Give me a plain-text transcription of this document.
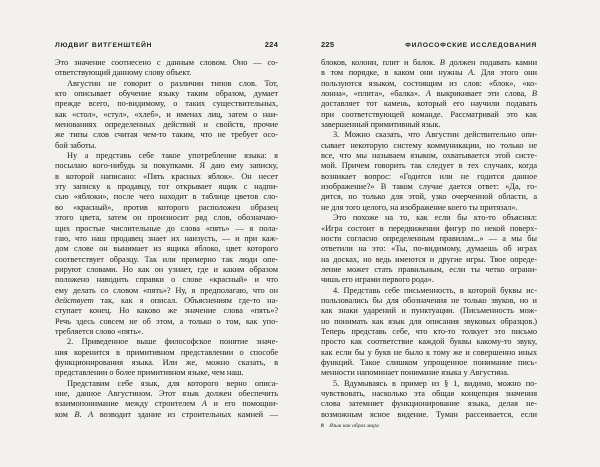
ЛЮДВИГ ВИТГЕНШТЕЙН	224
Это значение соотнесено с данным словом. Оно — со-
ответствующий данному слову объект.
Августин не говорит о различии типов слов. Тот,
кто описывает обучение языку таким образом, думает
прежде всего, по-видимому, о таких существительных,
как «стол», «стул», «хлеб», и именах лиц, затем о наи-
менованиях определенных действий и свойств, прочие
же типы слов считая чем-то таким, что не требует осо-
бой заботы.
Ну а представь себе такое употребление языка: я
посылаю кого-нибудь за покупками. Я даю ему записку,
в которой написано: «Пять красных яблок». Он несет
эту записку к продавцу, тот открывает ящик с надпи-
сью «яблоки», после чего находит в таблице цветов сло-
во «красный», против которого расположен образец
этого цвета, затем он произносит ряд слов, обозначаю-
щих простые числительные до слова «пять» — я пола-
гаю, что наш продавец знает их наизусть, — и при каж-
дом слове он вынимает из ящика яблоко, цвет которого
соответствует образцу. Так или примерно так люди опе-
рируют словами. Но как он узнает, где и каким образом
положено наводить справки о слове «красный» и что
ему делать со словом «пять»? Ну, я предполагаю, что он
действует так, как я описал. Объяснениям где-то на-
ступает конец. Но каково же значение слова «пять»?
Речь здесь совсем не об этом, а только о том, как упо-
требляется слово «пять».
2. Приведенное выше философское понятие значе-
ния коренится в примитивном представлении о способе
функционирования языка. Или же, можно сказать, в
представлении о более примитивном языке, чем наш.
Представим себе язык, для которого верно описа-
ние, данное Августином. Этот язык должен обеспечить
взаимопонимание между строителем А и его помощни-
ком В. А возводит здание из строительных камней —
225	ФИЛОСОФСКИЕ ИССЛЕДОВАНИЯ
блоков, колонн, плит и балок. В должен подавать камни
в том порядке, в каком они нужны А. Для этого они
пользуются языком, состоящим из слов: «блок», «ко-
лонна», «плита», «балка». А выкрикивает эти слова, В
доставляет тот камень, который его научили подавать
при соответствующей команде. Рассматривай это как
завершенный примитивный язык.
3. Можно сказать, что Августин действительно опи-
сывает некоторую систему коммуникации, но только не
все, что мы называем языком, охватывается этой систе-
мой. Причем говорить так следует в тех случаях, когда
возникает вопрос: «Годится или не годится данное
изображение?» В таком случае дается ответ: «Да, го-
дится, но только для этой, узко очерченной области, а
не для того целого, на изображение коего ты притязал».
Это похоже на то, как если бы кто-то объяснял:
«Игра состоит в передвижении фигур по некой поверх-
ности согласно определенным правилам...» — а мы бы
ответили на это: «Ты, по-видимому, думаешь об играх
на досках, но ведь имеются и другие игры. Твое опреде-
ление может стать правильным, если ты четко ограни-
чишь его играми первого рода».
4. Представь себе письменность, в которой буквы ис-
пользовались бы для обозначения не только звуков, но и
как знаки ударений и пунктуации. (Письменность мож-
но понимать как язык для описания звуковых образцов.)
Теперь представь себе, что кто-то толкует это письмо
просто как соответствие каждой буквы какому-то звуку,
как если бы у букв не было к тому же и совершенно иных
функций. Такое слишком упрощенное понимание пись-
менности напоминает понимание языка у Августина.
5. Вдумываясь в пример из § 1, видимо, можно по-
чувствовать, насколько эта общая концепция значения
слова затемняет функционирование языка, делая не-
возможным ясное видение. Туман рассеивается, если
8 Язык как образ мира
